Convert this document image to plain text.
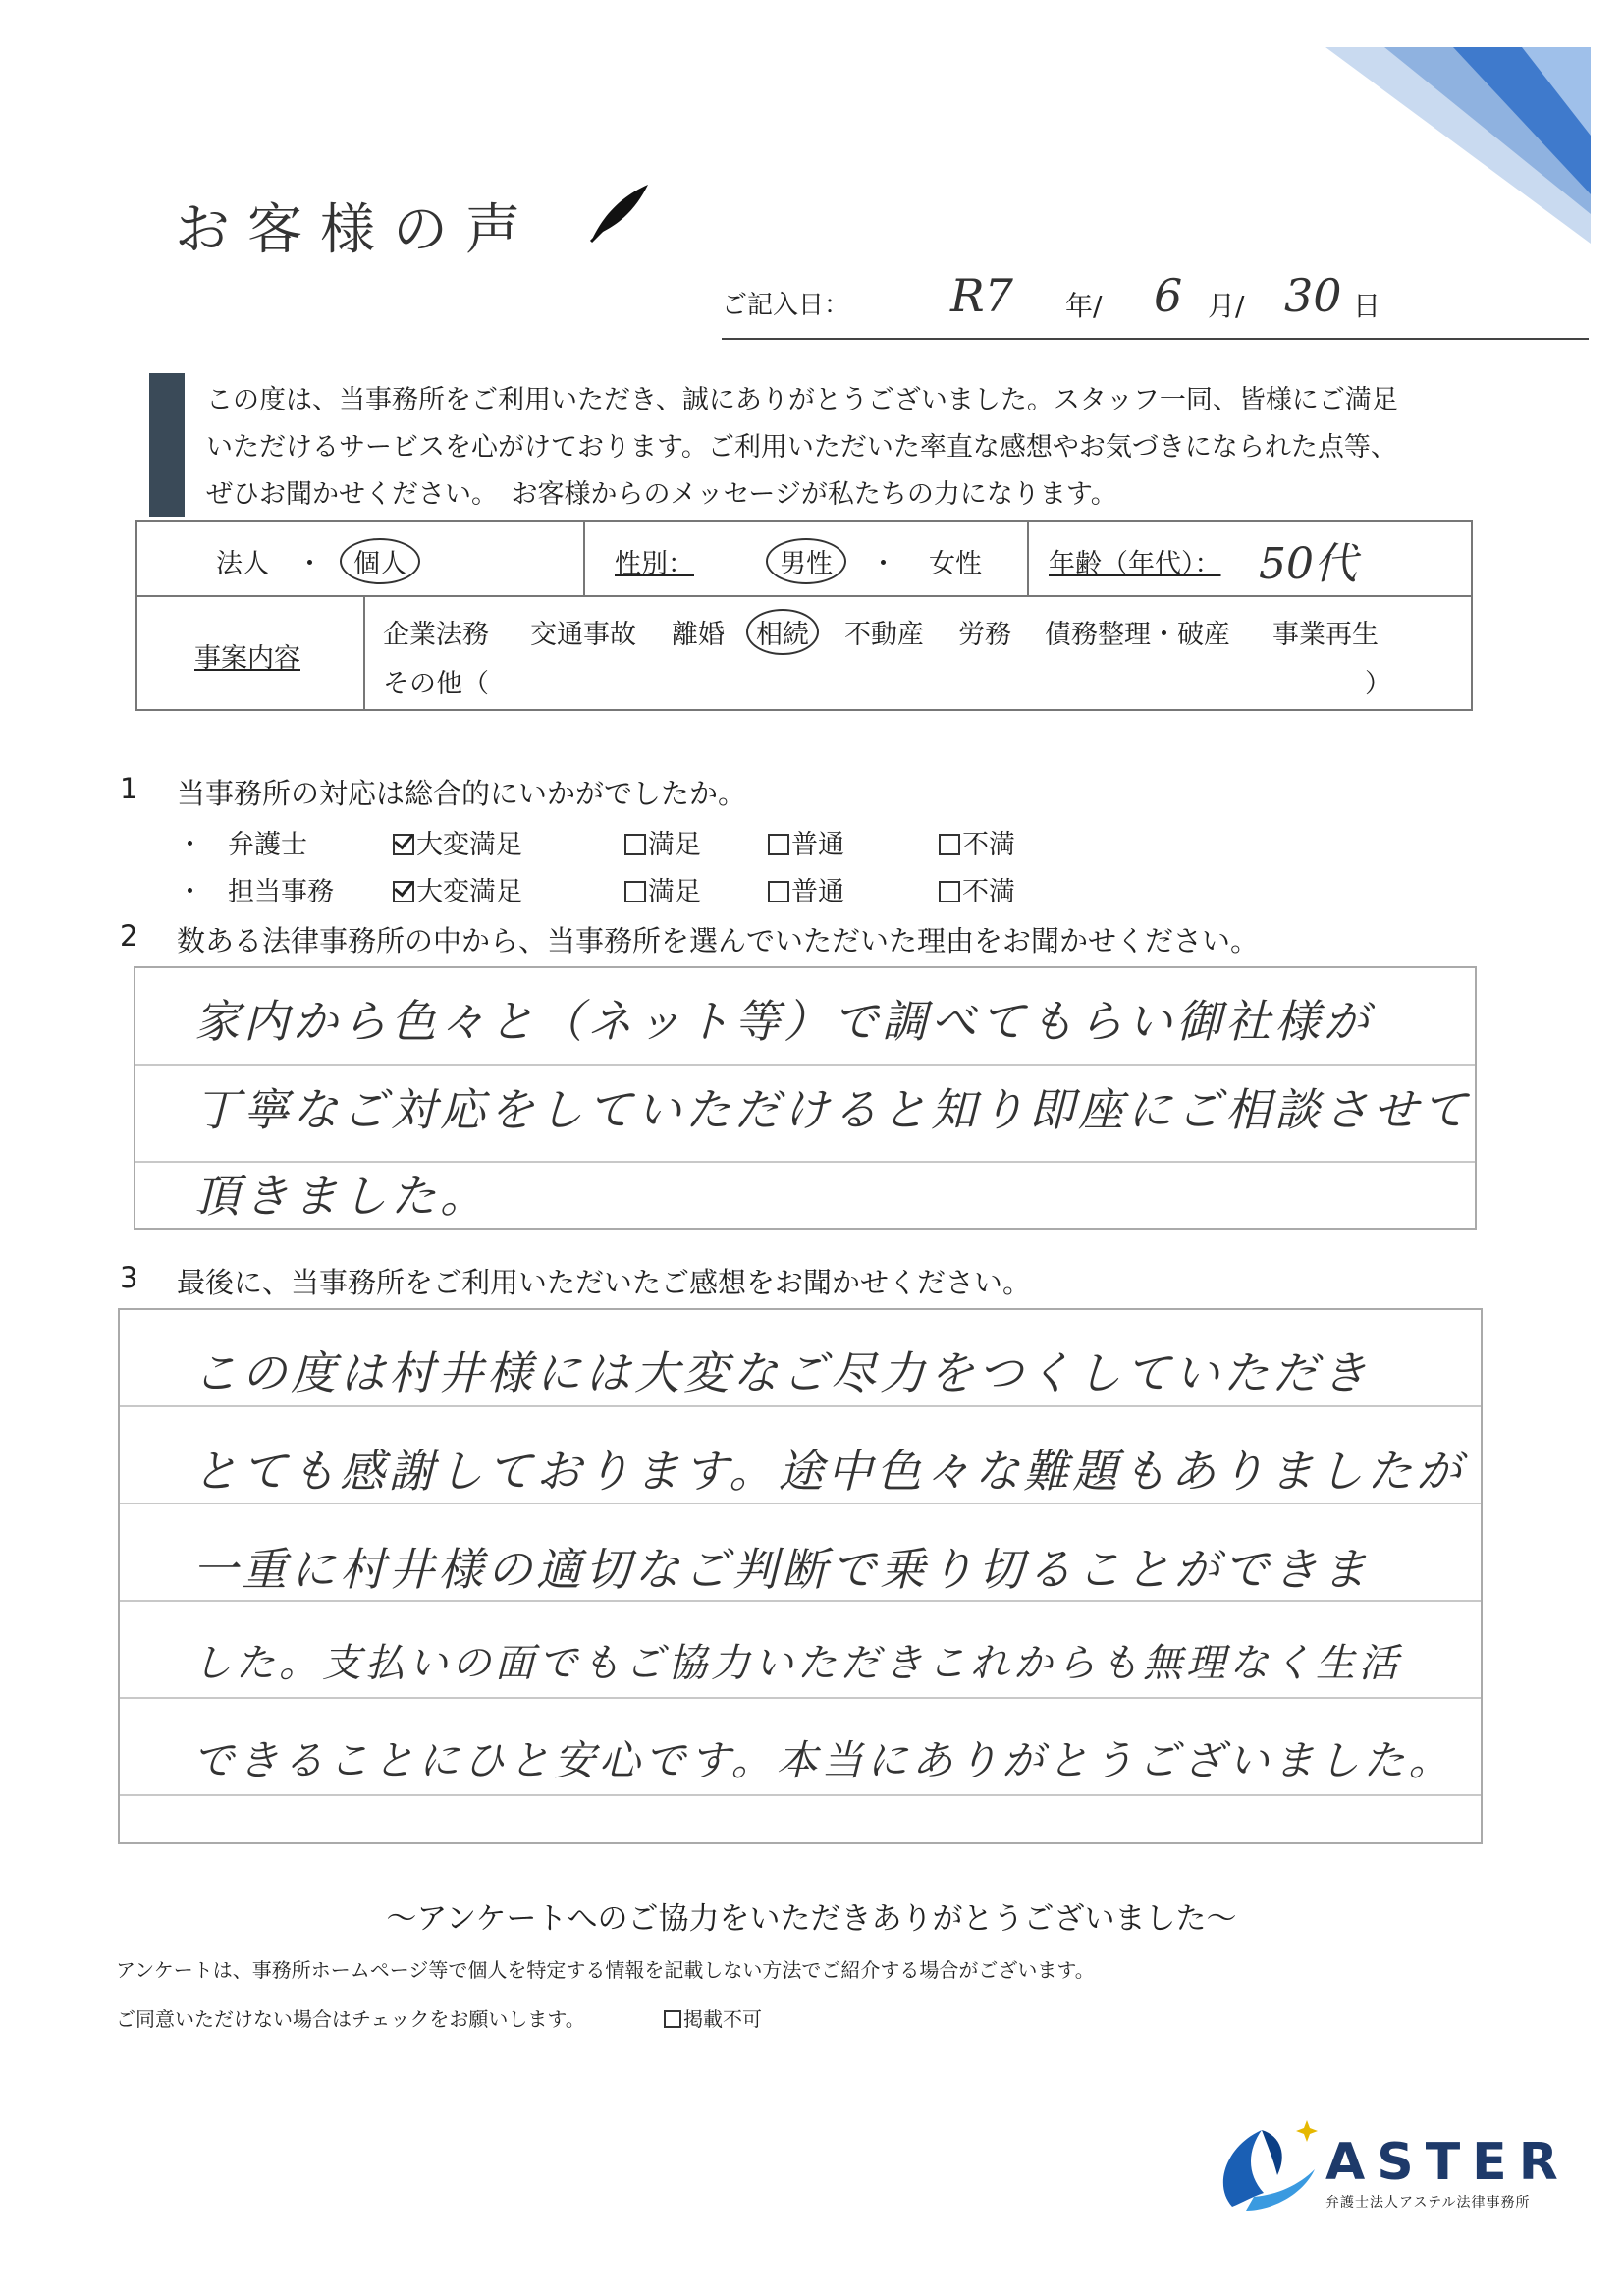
お客様の声
ご記入日： R7 年/ 6 月/ 30 日
この度は、当事務所をご利用いただき、誠にありがとうございました。スタッフ一同、皆様にご満足
いただけるサービスを心がけております。ご利用いただいた率直な感想やお気づきになられた点等、
ぜひお聞かせください。　お客様からのメッセージが私たちの力になります。
法人 ・	個人	性別：	男性	・ 女性	年齢（年代）： 50代
事案内容
企業法務 交通事故 離婚	相続	不動産 労務 債務整理・破産 事業再生
その他（	）
1 当事務所の対応は総合的にいかがでしたか。
・ 弁護士	大変満足	満足	普通	不満
・ 担当事務	大変満足	満足	普通	不満
2 数ある法律事務所の中から、当事務所を選んでいただいた理由をお聞かせください。
家内から色々と（ネット等）で調べてもらい御社様が
丁寧なご対応をしていただけると知り即座にご相談させて
頂きました。
3 最後に、当事務所をご利用いただいたご感想をお聞かせください。
この度は村井様には大変なご尽力をつくしていただき
とても感謝しております。途中色々な難題もありましたが
一重に村井様の適切なご判断で乗り切ることができま
した。支払いの面でもご協力いただきこれからも無理なく生活
できることにひと安心です。本当にありがとうございました。
～アンケートへのご協力をいただきありがとうございました～
アンケートは、事務所ホームページ等で個人を特定する情報を記載しない方法でご紹介する場合がございます。
ご同意いただけない場合はチェックをお願いします。	掲載不可
ASTER
弁護士法人アステル法律事務所
